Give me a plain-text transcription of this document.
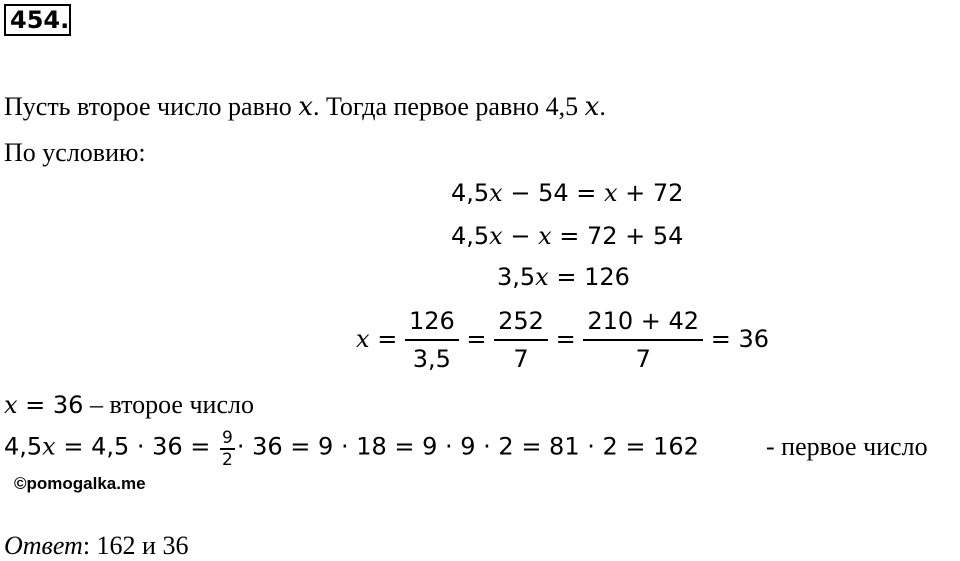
454.
Пусть второе число равно x. Тогда первое равно 4,5 x.
По условию:
4,5x − 54 = x + 72
4,5x − x = 72 + 54
3,5x = 126
$x = \frac{126}{3,5} = \frac{252}{7} = \frac{210 + 42}{7} = 36$
x = 36 – второе число
$4,5x = 4,5 \cdot 36 = \frac{9}{2} \cdot 36 = 9 \cdot 18 = 9 \cdot 9 \cdot 2 = 81 \cdot 2 = 162$	- первое число
©pomogalka.me
Ответ: 162 и 36
